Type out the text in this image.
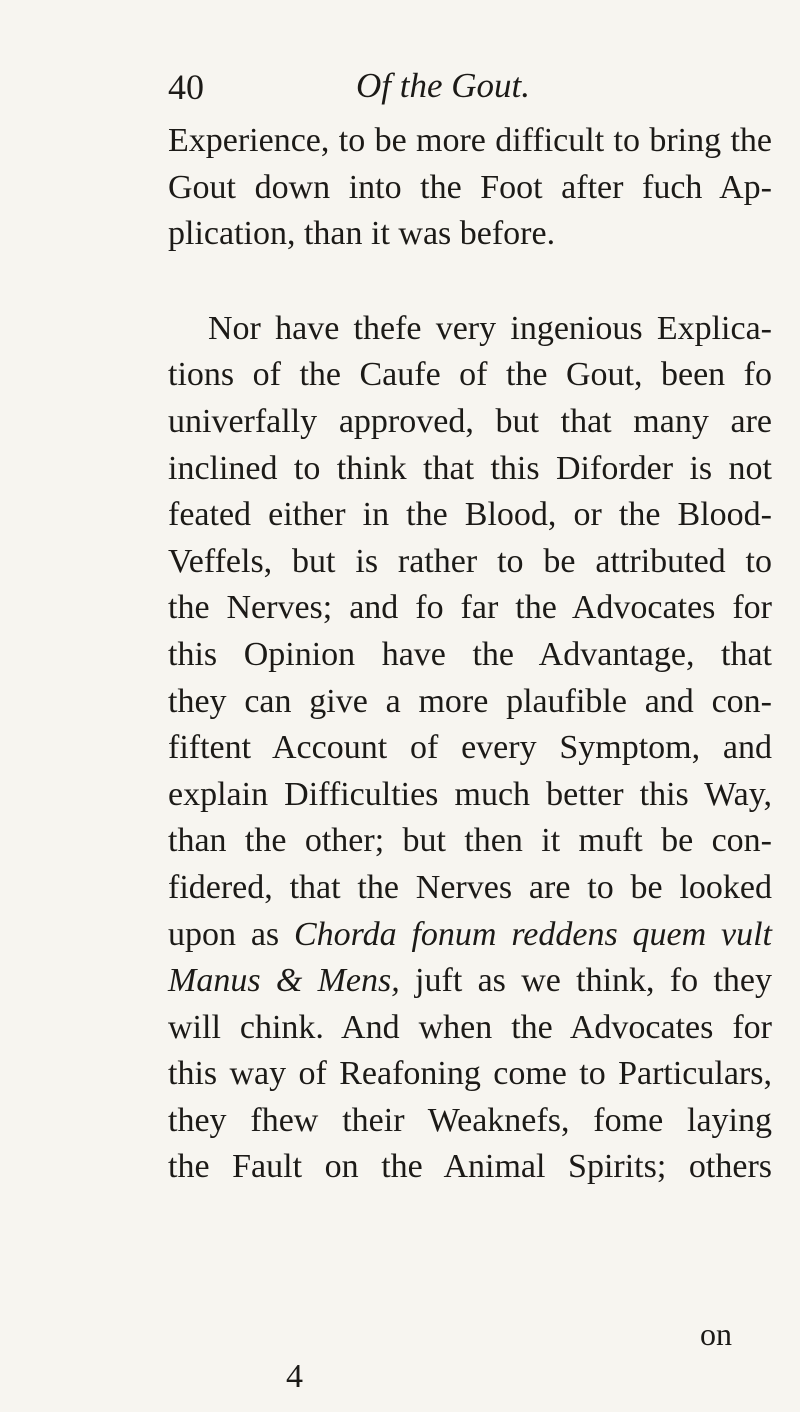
40	Of the Gout.
Experience, to be more difficult to bring the
Gout down into the Foot after fuch Ap-
plication, than it was before.
Nor have thefe very ingenious Explica-
tions of the Caufe of the Gout, been fo
univerfally approved, but that many are
inclined to think that this Diforder is not
feated either in the Blood, or the Blood-
Veffels, but is rather to be attributed to
the Nerves; and fo far the Advocates for
this Opinion have the Advantage, that
they can give a more plaufible and con-
fiftent Account of every Symptom, and
explain Difficulties much better this Way,
than the other; but then it muft be con-
fidered, that the Nerves are to be looked
upon as Chorda fonum reddens quem vult
Manus & Mens, juft as we think, fo they
will chink. And when the Advocates for
this way of Reafoning come to Particulars,
they fhew their Weaknefs, fome laying
the Fault on the Animal Spirits; others
on
4
